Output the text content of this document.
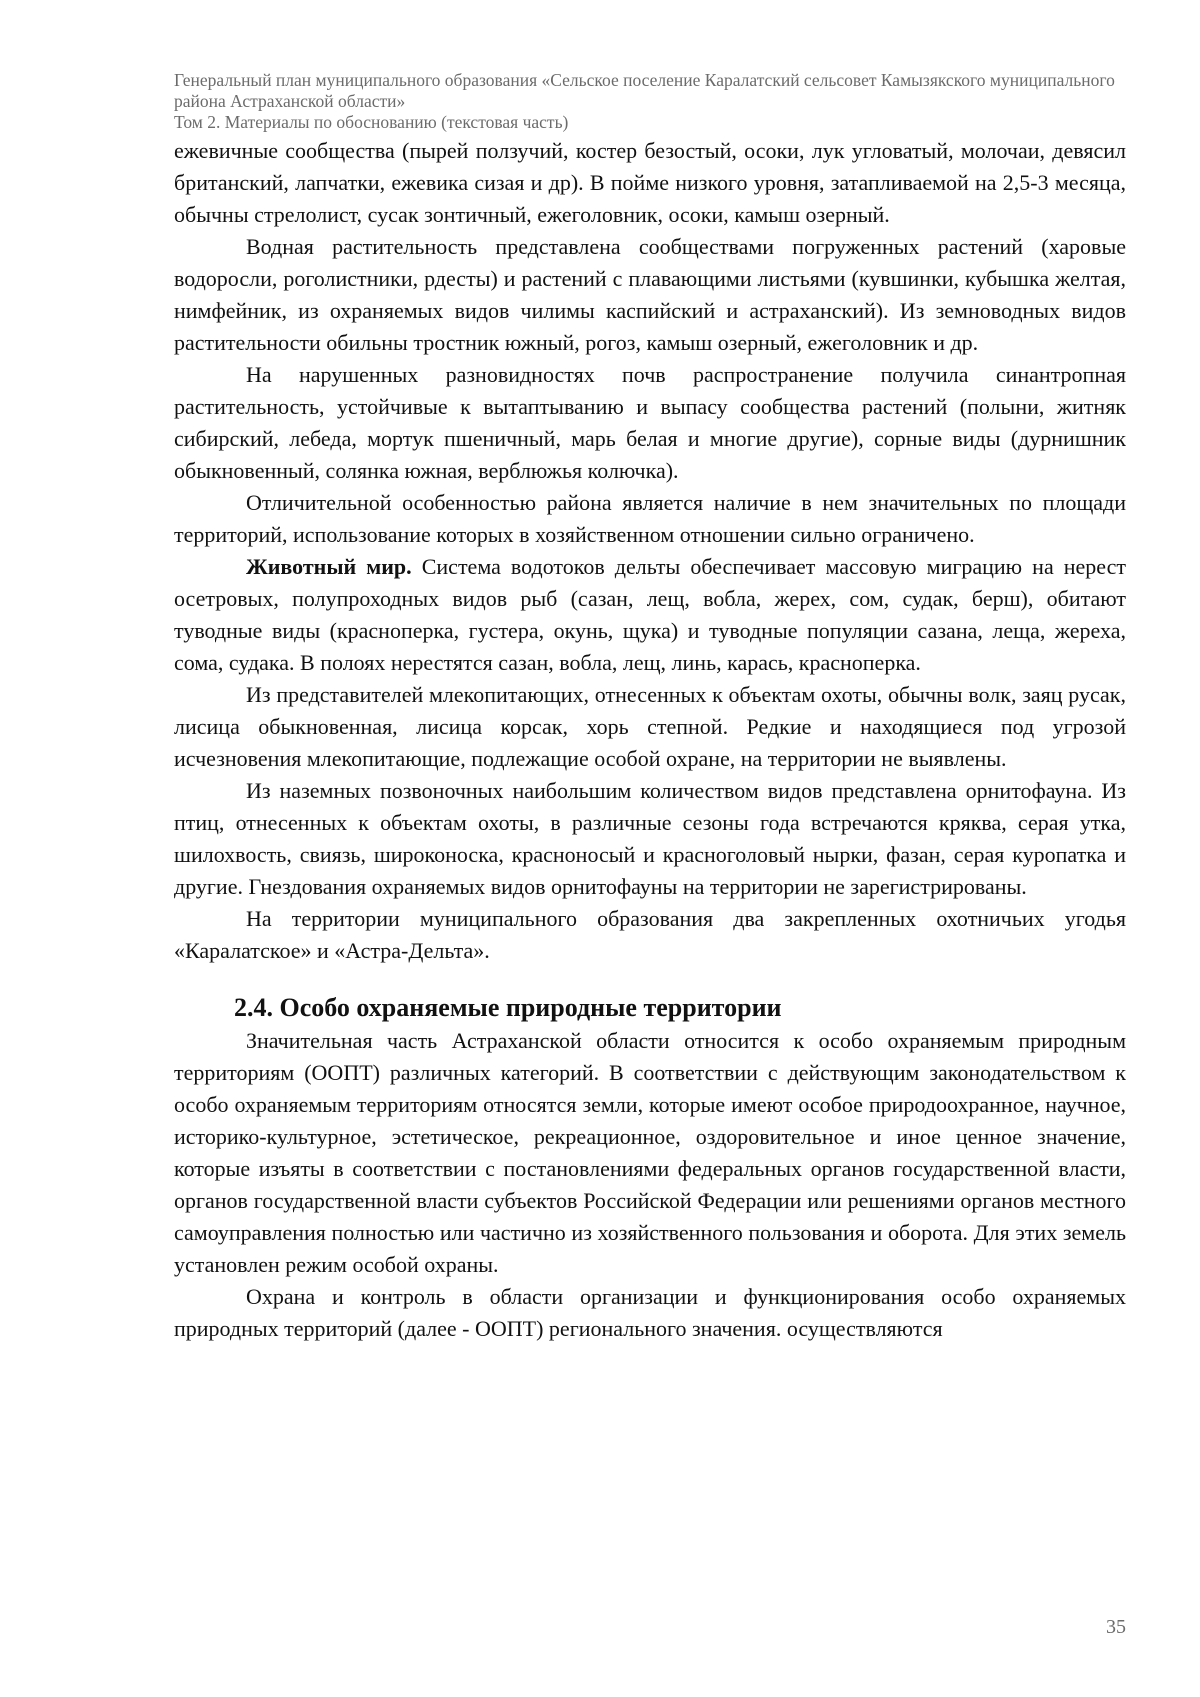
Генеральный план муниципального образования «Сельское поселение Каралатский сельсовет Камызякского муниципального района Астраханской области»
Том 2. Материалы по обоснованию (текстовая часть)

ежевичные сообщества (пырей ползучий, костер безостый, осоки, лук угловатый, молочаи, девясил британский, лапчатки, ежевика сизая и др). В пойме низкого уровня, затапливаемой на 2,5-3 месяца, обычны стрелолист, сусак зонтичный, ежеголовник, осоки, камыш озерный.

Водная растительность представлена сообществами погруженных растений (харовые водоросли, роголистники, рдесты) и растений с плавающими листьями (кувшинки, кубышка желтая, нимфейник, из охраняемых видов чилимы каспийский и астраханский). Из земноводных видов растительности обильны тростник южный, рогоз, камыш озерный, ежеголовник и др.

На нарушенных разновидностях почв распространение получила синантропная растительность, устойчивые к вытаптыванию и выпасу сообщества растений (полыни, житняк сибирский, лебеда, мортук пшеничный, марь белая и многие другие), сорные виды (дурнишник обыкновенный, солянка южная, верблюжья колючка).

Отличительной особенностью района является наличие в нем значительных по площади территорий, использование которых в хозяйственном отношении сильно ограничено.

Животный мир. Система водотоков дельты обеспечивает массовую миграцию на нерест осетровых, полупроходных видов рыб (сазан, лещ, вобла, жерех, сом, судак, берш), обитают туводные виды (красноперка, густера, окунь, щука) и туводные популяции сазана, леща, жереха, сома, судака. В полоях нерестятся сазан, вобла, лещ, линь, карась, красноперка.

Из представителей млекопитающих, отнесенных к объектам охоты, обычны волк, заяц русак, лисица обыкновенная, лисица корсак, хорь степной. Редкие и находящиеся под угрозой исчезновения млекопитающие, подлежащие особой охране, на территории не выявлены.

Из наземных позвоночных наибольшим количеством видов представлена орнитофауна. Из птиц, отнесенных к объектам охоты, в различные сезоны года встречаются кряква, серая утка, шилохвость, свиязь, широконоска, красноносый и красноголовый нырки, фазан, серая куропатка и другие. Гнездования охраняемых видов орнитофауны на территории не зарегистрированы.

На территории муниципального образования два закрепленных охотничьих угодья «Каралатское» и «Астра-Дельта».

2.4. Особо охраняемые природные территории

Значительная часть Астраханской области относится к особо охраняемым природным территориям (ООПТ) различных категорий. В соответствии с действующим законодательством к особо охраняемым территориям относятся земли, которые имеют особое природоохранное, научное, историко-культурное, эстетическое, рекреационное, оздоровительное и иное ценное значение, которые изъяты в соответствии с постановлениями федеральных органов государственной власти, органов государственной власти субъектов Российской Федерации или решениями органов местного самоуправления полностью или частично из хозяйственного пользования и оборота. Для этих земель установлен режим особой охраны.

Охрана и контроль в области организации и функционирования особо охраняемых природных территорий (далее - ООПТ) регионального значения. осуществляются

35
